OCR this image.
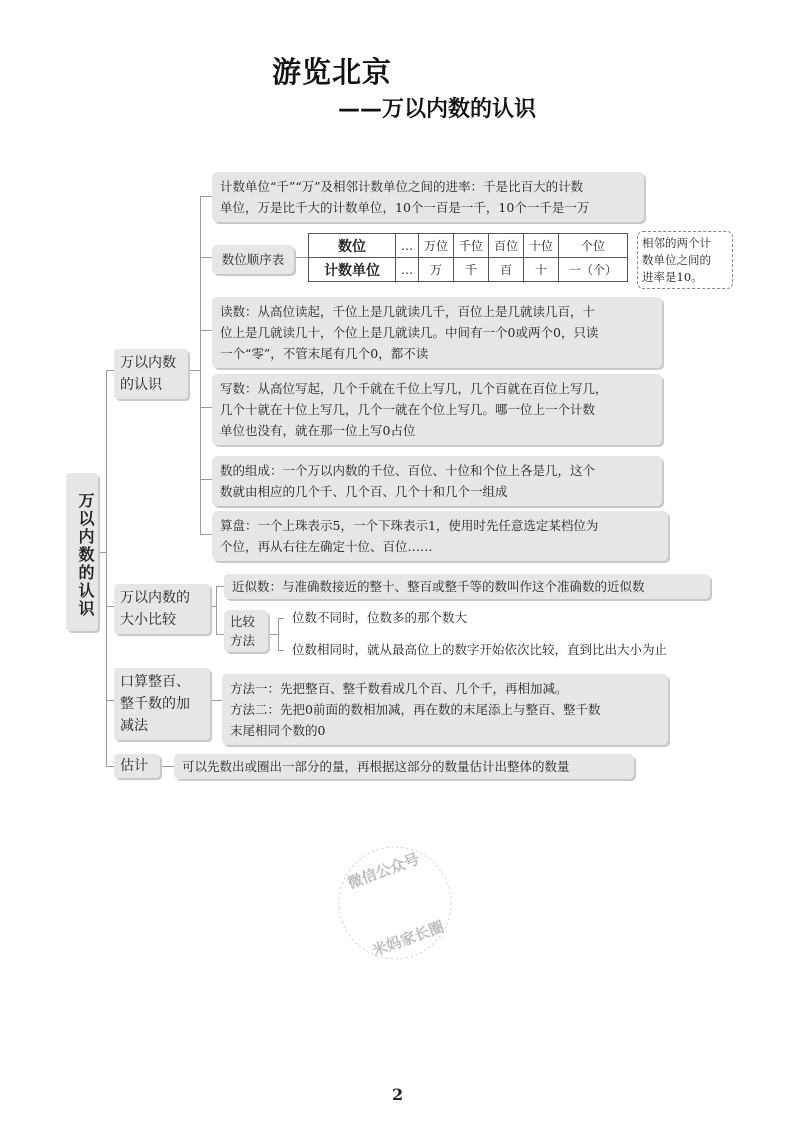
游览北京
——万以内数的认识
万以内数的认识
万以内数
的认识
计数单位“千”“万”及相邻计数单位之间的进率：千是比百大的计数
单位，万是比千大的计数单位，10个一百是一千，10个一千是一万
数位顺序表
数位	…	万位	千位	百位	十位	个位
计数单位	…	万	千	百	十	一（个）
相邻的两个计
数单位之间的
进率是10。
读数：从高位读起，千位上是几就读几千，百位上是几就读几百，十
位上是几就读几十，个位上是几就读几。中间有一个0或两个0，只读
一个“零”，不管末尾有几个0，都不读
写数：从高位写起，几个千就在千位上写几，几个百就在百位上写几，
几个十就在十位上写几，几个一就在个位上写几。哪一位上一个计数
单位也没有，就在那一位上写0占位
数的组成：一个万以内数的千位、百位、十位和个位上各是几，这个
数就由相应的几个千、几个百、几个十和几个一组成
算盘：一个上珠表示5，一个下珠表示1，使用时先任意选定某档位为
个位，再从右往左确定十位、百位……
万以内数的
大小比较
近似数：与准确数接近的整十、整百或整千等的数叫作这个准确数的近似数
比较
方法
位数不同时，位数多的那个数大
位数相同时，就从最高位上的数字开始依次比较，直到比出大小为止
口算整百、
整千数的加
减法
方法一：先把整百、整千数看成几个百、几个千，再相加减。
方法二：先把0前面的数相加减，再在数的末尾添上与整百、整千数
末尾相同个数的0
估计	可以先数出或圈出一部分的量，再根据这部分的数量估计出整体的数量
微信公众号
米妈家长圈
2
